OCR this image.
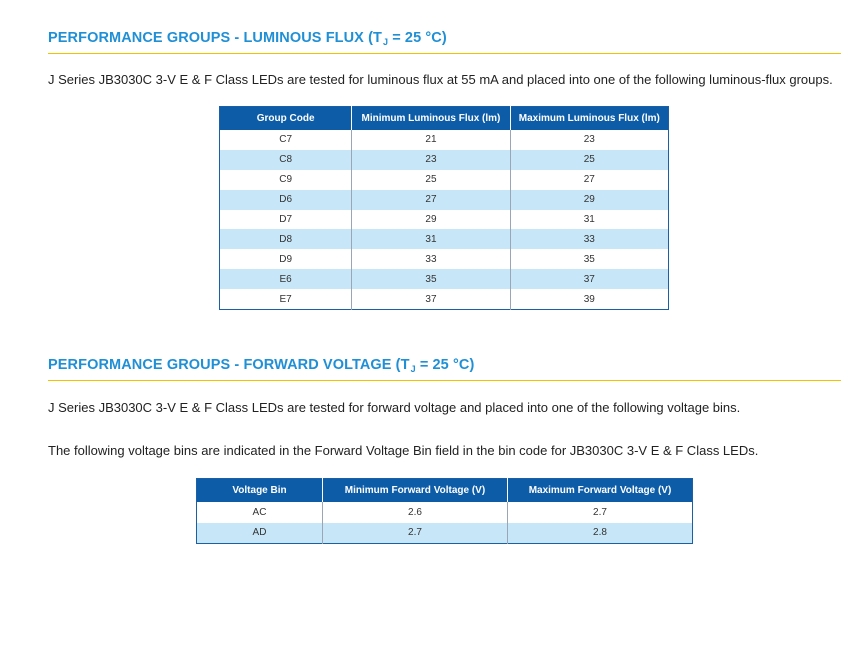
PERFORMANCE GROUPS - LUMINOUS FLUX ($T_J = 25$ °C)
J Series JB3030C 3-V E & F Class LEDs are tested for luminous flux at 55 mA and placed into one of the following luminous-flux groups.
Group Code	Minimum Luminous Flux (lm)	Maximum Luminous Flux (lm)
C7	21	23
C8	23	25
C9	25	27
D6	27	29
D7	29	31
D8	31	33
D9	33	35
E6	35	37
E7	37	39
PERFORMANCE GROUPS - FORWARD VOLTAGE ($T_J = 25$ °C)
J Series JB3030C 3-V E & F Class LEDs are tested for forward voltage and placed into one of the following voltage bins.
The following voltage bins are indicated in the Forward Voltage Bin field in the bin code for JB3030C 3-V E & F Class LEDs.
Voltage Bin	Minimum Forward Voltage (V)	Maximum Forward Voltage (V)
AC	2.6	2.7
AD	2.7	2.8
